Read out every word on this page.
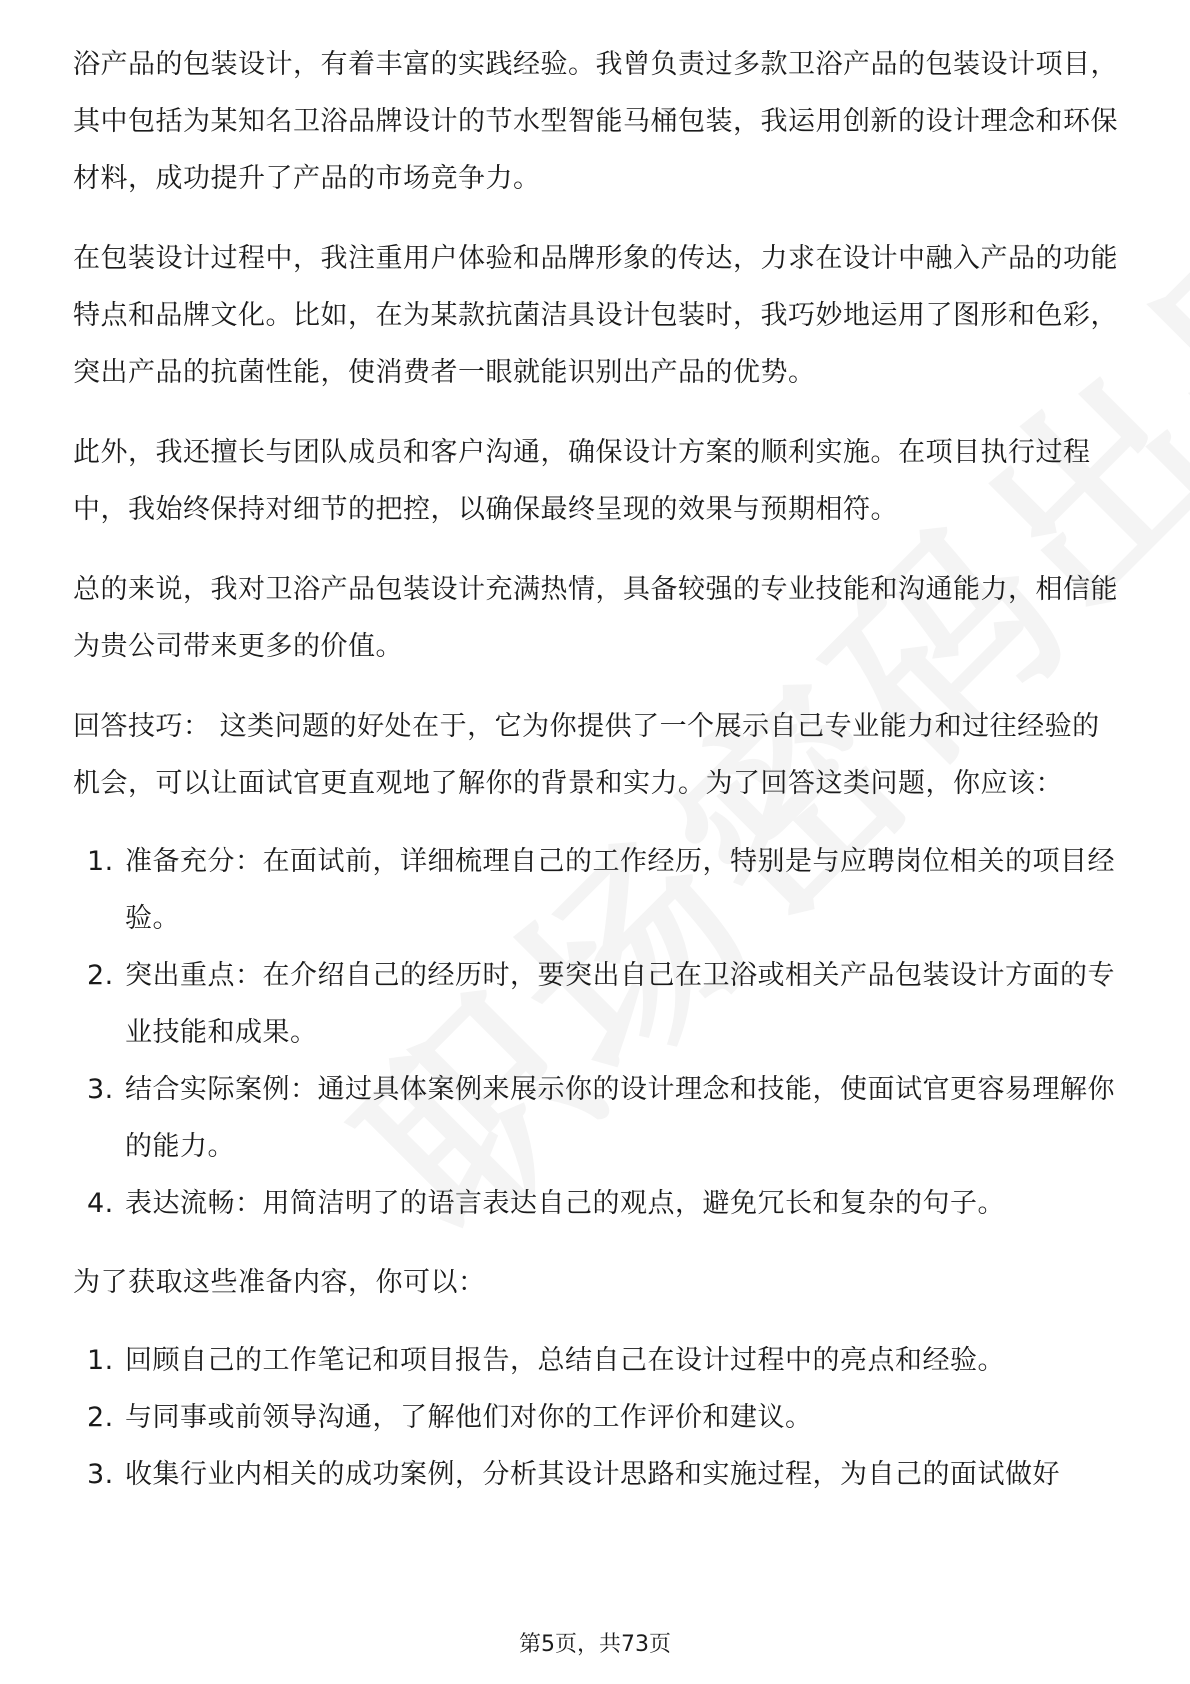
浴产品的包装设计，有着丰富的实践经验。我曾负责过多款卫浴产品的包装设计项目，其中包括为某知名卫浴品牌设计的节水型智能马桶包装，我运用创新的设计理念和环保材料，成功提升了产品的市场竞争力。

在包装设计过程中，我注重用户体验和品牌形象的传达，力求在设计中融入产品的功能特点和品牌文化。比如，在为某款抗菌洁具设计包装时，我巧妙地运用了图形和色彩，突出产品的抗菌性能，使消费者一眼就能识别出产品的优势。

此外，我还擅长与团队成员和客户沟通，确保设计方案的顺利实施。在项目执行过程中，我始终保持对细节的把控，以确保最终呈现的效果与预期相符。

总的来说，我对卫浴产品包装设计充满热情，具备较强的专业技能和沟通能力，相信能为贵公司带来更多的价值。

回答技巧： 这类问题的好处在于，它为你提供了一个展示自己专业能力和过往经验的机会，可以让面试官更直观地了解你的背景和实力。为了回答这类问题，你应该：

1. 准备充分：在面试前，详细梳理自己的工作经历，特别是与应聘岗位相关的项目经验。
2. 突出重点：在介绍自己的经历时，要突出自己在卫浴或相关产品包装设计方面的专业技能和成果。
3. 结合实际案例：通过具体案例来展示你的设计理念和技能，使面试官更容易理解你的能力。
4. 表达流畅：用简洁明了的语言表达自己的观点，避免冗长和复杂的句子。

为了获取这些准备内容，你可以：

1. 回顾自己的工作笔记和项目报告，总结自己在设计过程中的亮点和经验。
2. 与同事或前领导沟通，了解他们对你的工作评价和建议。
3. 收集行业内相关的成功案例，分析其设计思路和实施过程，为自己的面试做好
第5页，共73页
